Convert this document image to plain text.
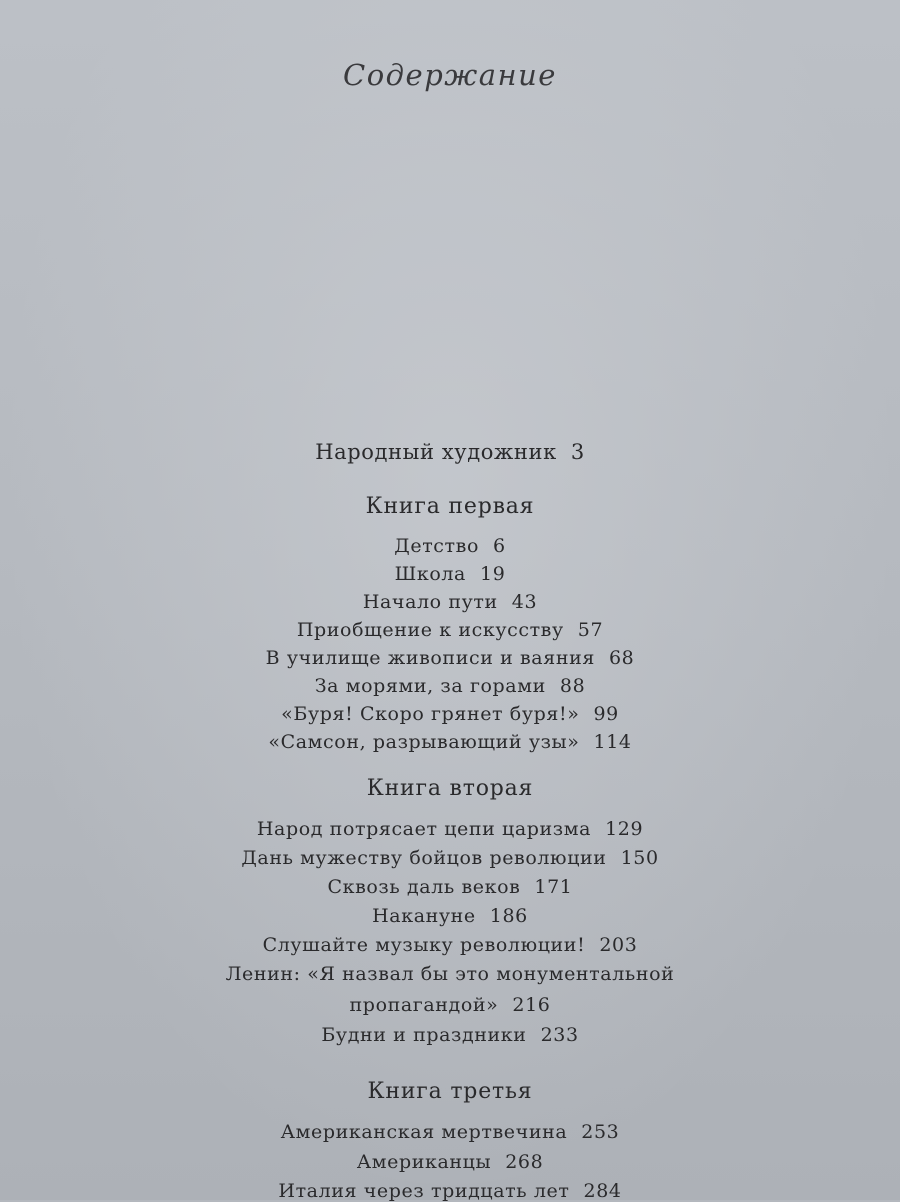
Содержание
Народный художник 3
Книга первая
Детство 6
Школа 19
Начало пути 43
Приобщение к искусству 57
В училище живописи и ваяния 68
За морями, за горами 88
«Буря! Скоро грянет буря!» 99
«Самсон, разрывающий узы» 114
Книга вторая
Народ потрясает цепи царизма 129
Дань мужеству бойцов революции 150
Сквозь даль веков 171
Накануне 186
Слушайте музыку революции! 203
Ленин: «Я назвал бы это монументальной
пропагандой» 216
Будни и праздники 233
Книга третья
Американская мертвечина 253
Американцы 268
Италия через тридцать лет 284
